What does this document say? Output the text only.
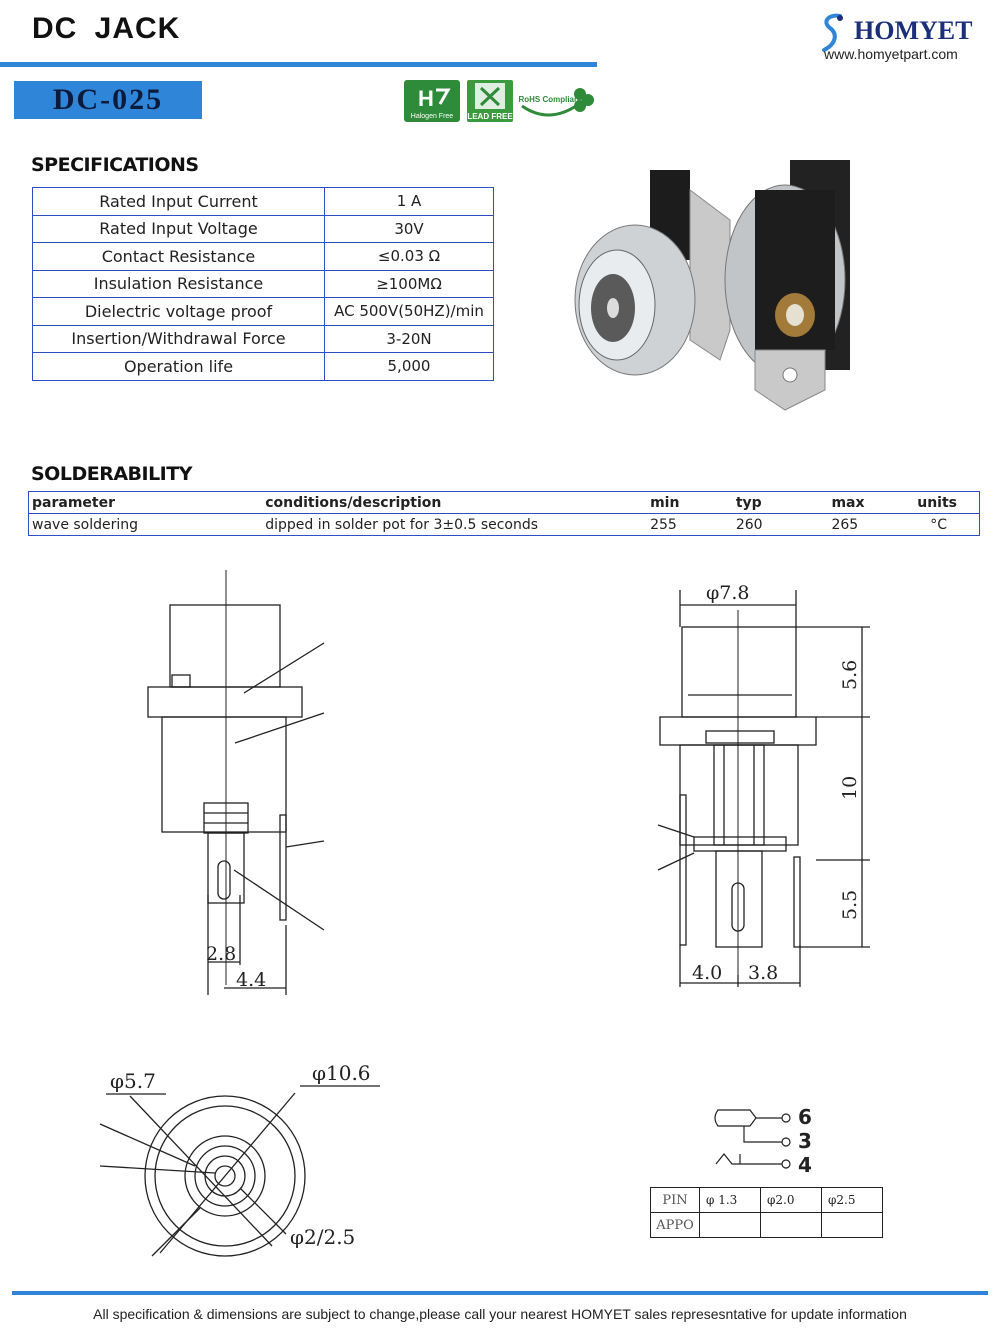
DC JACK	HOMYET
www.homyetpart.com
DC-025	H
Halogen Free LEAD FREE
RoHS Compliant
SPECIFICATIONS
Rated Input Current	1 A
Rated Input Voltage	30V
Contact Resistance	≤0.03 Ω
Insulation Resistance	≥100MΩ
Dielectric voltage proof	AC 500V(50HZ)/min
Insertion/Withdrawal Force	3-20N
Operation life	5,000
SOLDERABILITY
parameter	conditions/description	min	typ	max	units
wave soldering	dipped in solder pot for 3±0.5 seconds	255	260	265	°C
2.8
4.4
φ7.8
5.6
10
5.5
4.0 3.8
φ5.7	φ10.6
φ2/2.5
6
3
4
PIN	φ 1.3	φ2.0	φ2.5
APPO			
All specification & dimensions are subject to change,please call your nearest HOMYET sales represesntative for update information
